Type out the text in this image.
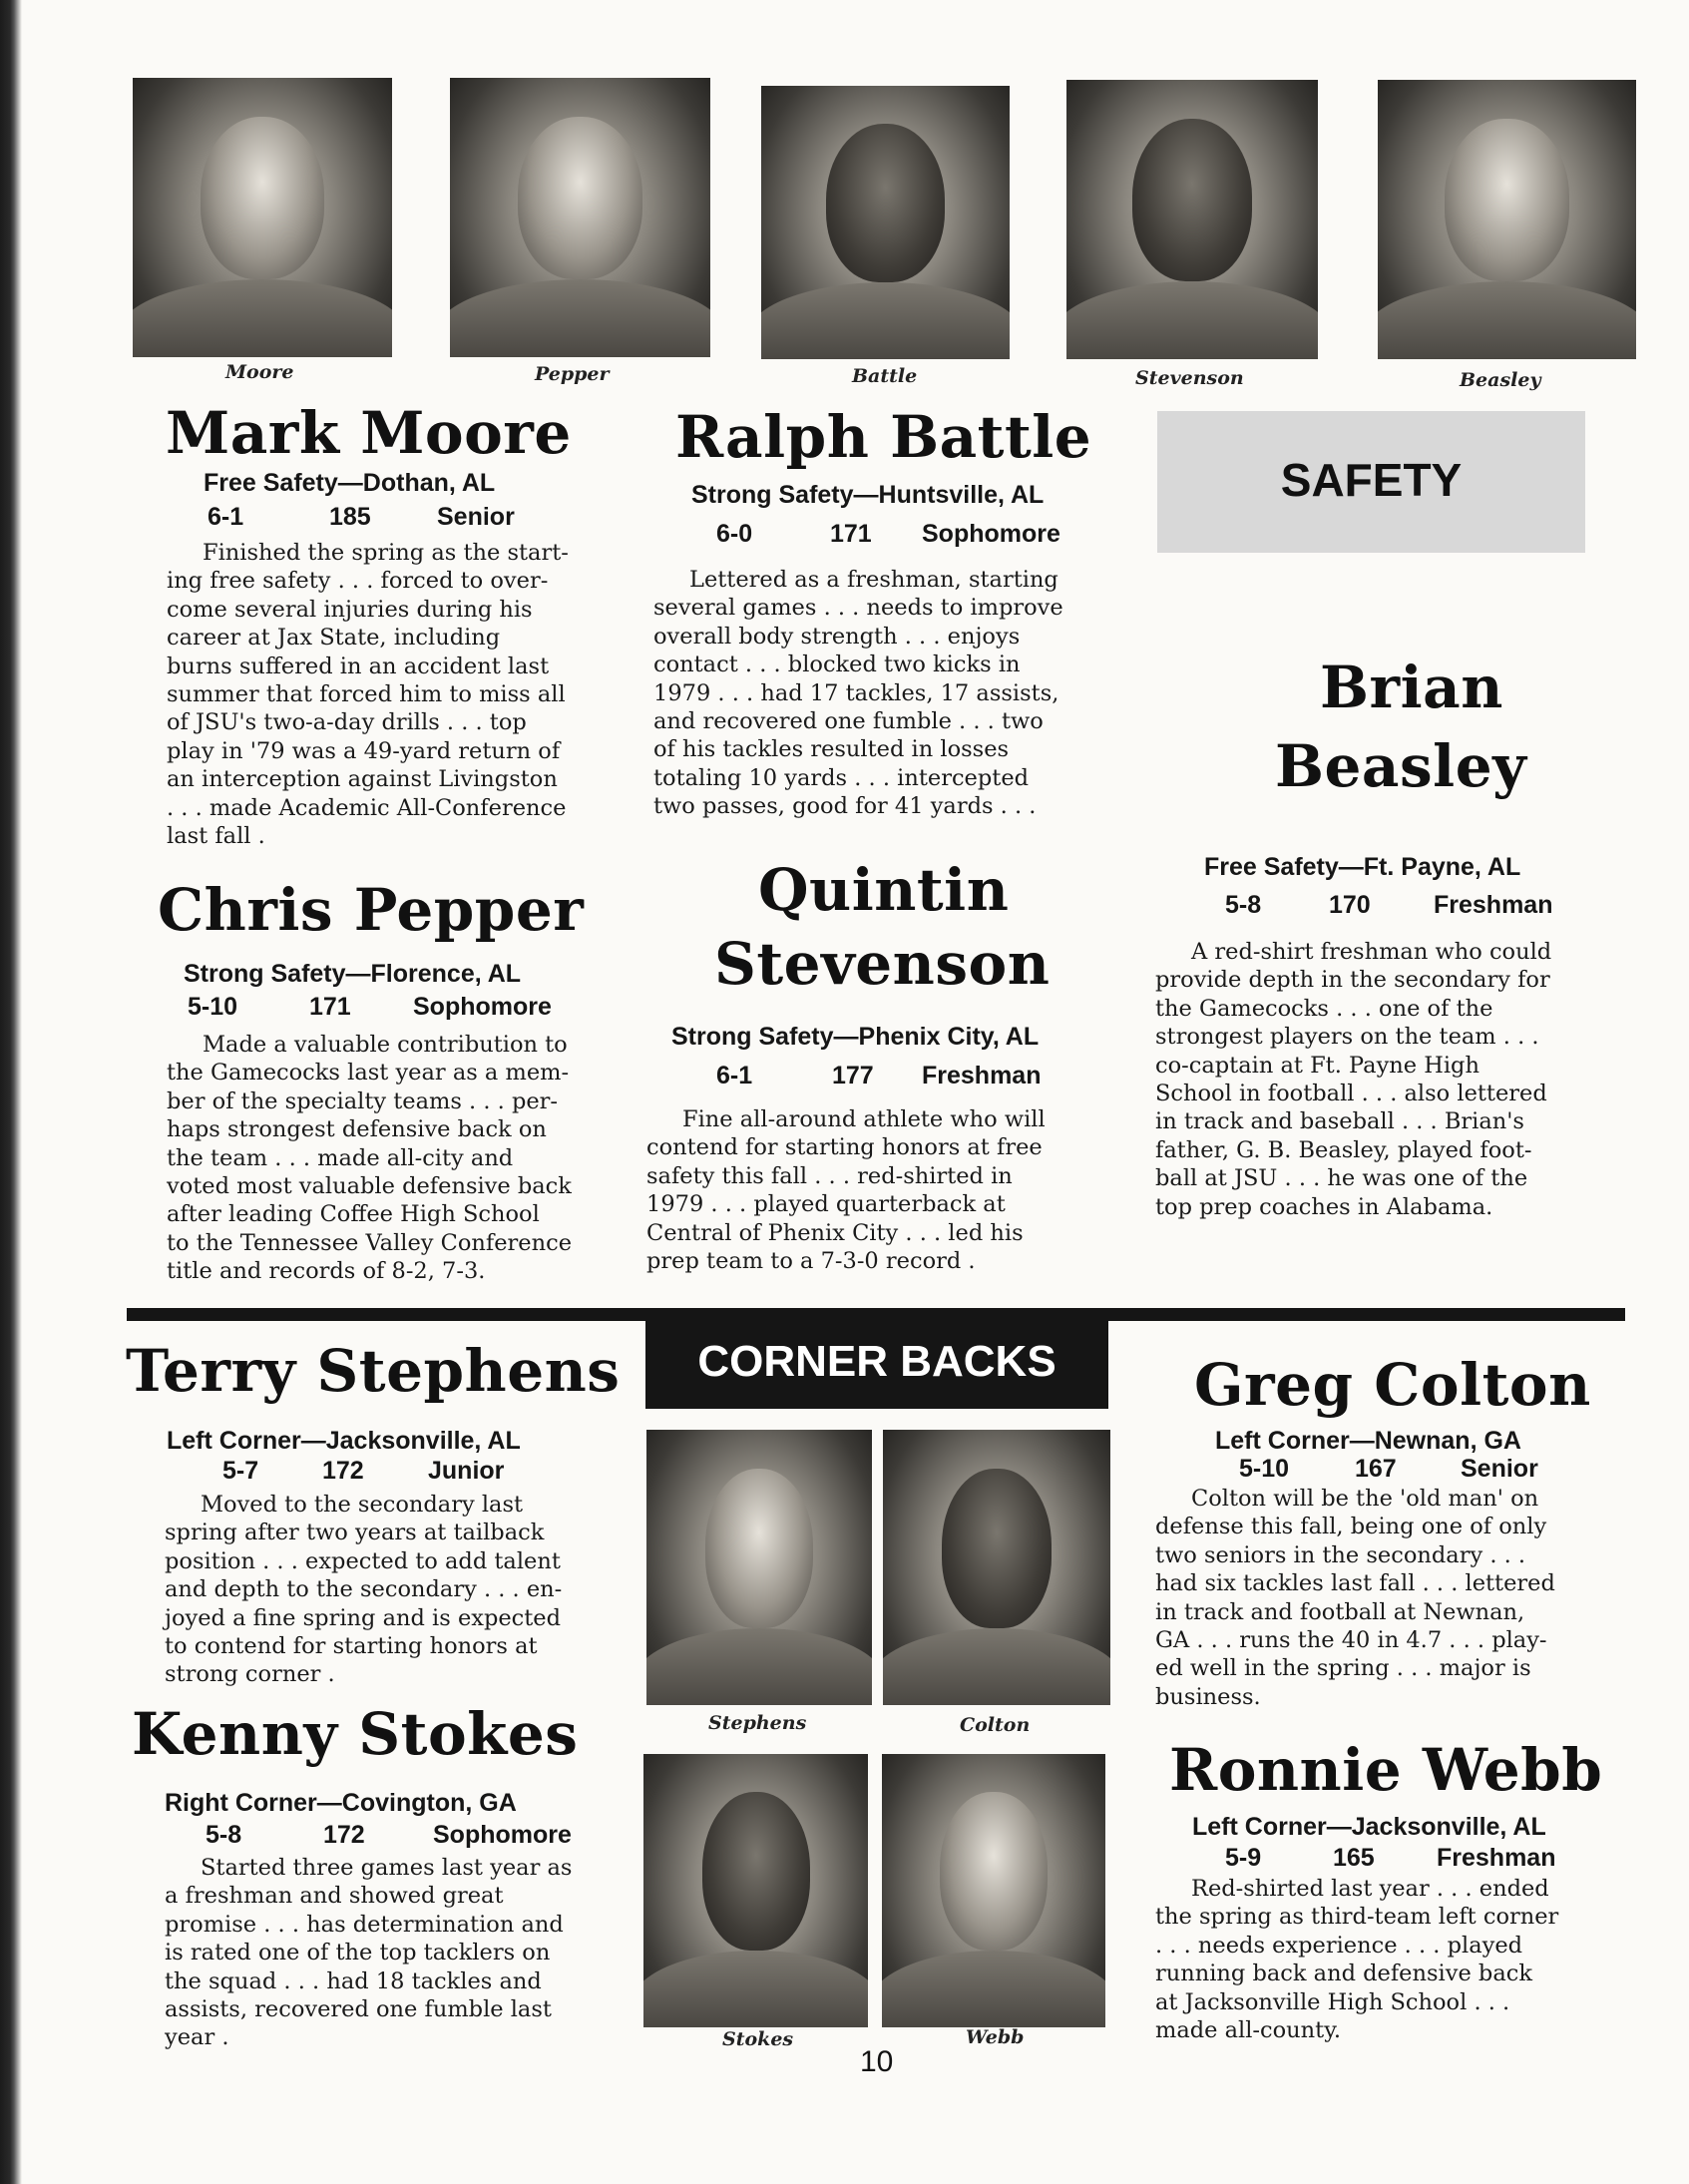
Moore	Pepper	Battle	Stevenson	Beasley
Mark Moore
Free Safety—Dothan, AL
6-1	185	Senior
Finished the spring as the start-
ing free safety . . . forced to over-
come several injuries during his
career at Jax State, including
burns suffered in an accident last
summer that forced him to miss all
of JSU's two-a-day drills . . . top
play in '79 was a 49-yard return of
an interception against Livingston
. . . made Academic All-Conference
last fall .
Chris Pepper
Strong Safety—Florence, AL
5-10	171 Sophomore
Made a valuable contribution to
the Gamecocks last year as a mem-
ber of the specialty teams . . . per-
haps strongest defensive back on
the team . . . made all-city and
voted most valuable defensive back
after leading Coffee High School
to the Tennessee Valley Conference
title and records of 8-2, 7-3.
Ralph Battle
Strong Safety—Huntsville, AL
6-0	171 Sophomore
Lettered as a freshman, starting
several games . . . needs to improve
overall body strength . . . enjoys
contact . . . blocked two kicks in
1979 . . . had 17 tackles, 17 assists,
and recovered one fumble . . . two
of his tackles resulted in losses
totaling 10 yards . . . intercepted
two passes, good for 41 yards . . .
Quintin
Stevenson
Strong Safety—Phenix City, AL
6-1	177 Freshman
Fine all-around athlete who will
contend for starting honors at free
safety this fall . . . red-shirted in
1979 . . . played quarterback at
Central of Phenix City . . . led his
prep team to a 7-3-0 record .
SAFETY
Brian
Beasley
Free Safety—Ft. Payne, AL
5-8	170	Freshman
A red-shirt freshman who could
provide depth in the secondary for
the Gamecocks . . . one of the
strongest players on the team . . .
co-captain at Ft. Payne High
School in football . . . also lettered
in track and baseball . . . Brian's
father, G. B. Beasley, played foot-
ball at JSU . . . he was one of the
top prep coaches in Alabama.
CORNER BACKS
Terry Stephens
Left Corner—Jacksonville, AL
5-7	172	Junior
Moved to the secondary last
spring after two years at tailback
position . . . expected to add talent
and depth to the secondary . . . en-
joyed a fine spring and is expected
to contend for starting honors at
strong corner .
Kenny Stokes
Right Corner—Covington, GA
5-8	172	Sophomore
Started three games last year as
a freshman and showed great
promise . . . has determination and
is rated one of the top tacklers on
the squad . . . had 18 tackles and
assists, recovered one fumble last
year .
Stephens	Colton
Stokes	Webb
Greg Colton
Left Corner—Newnan, GA
5-10	167	Senior
Colton will be the 'old man' on
defense this fall, being one of only
two seniors in the secondary . . .
had six tackles last fall . . . lettered
in track and football at Newnan,
GA . . . runs the 40 in 4.7 . . . play-
ed well in the spring . . . major is
business.
Ronnie Webb
Left Corner—Jacksonville, AL
5-9	165 Freshman
Red-shirted last year . . . ended
the spring as third-team left corner
. . . needs experience . . . played
running back and defensive back
at Jacksonville High School . . .
made all-county.
10
